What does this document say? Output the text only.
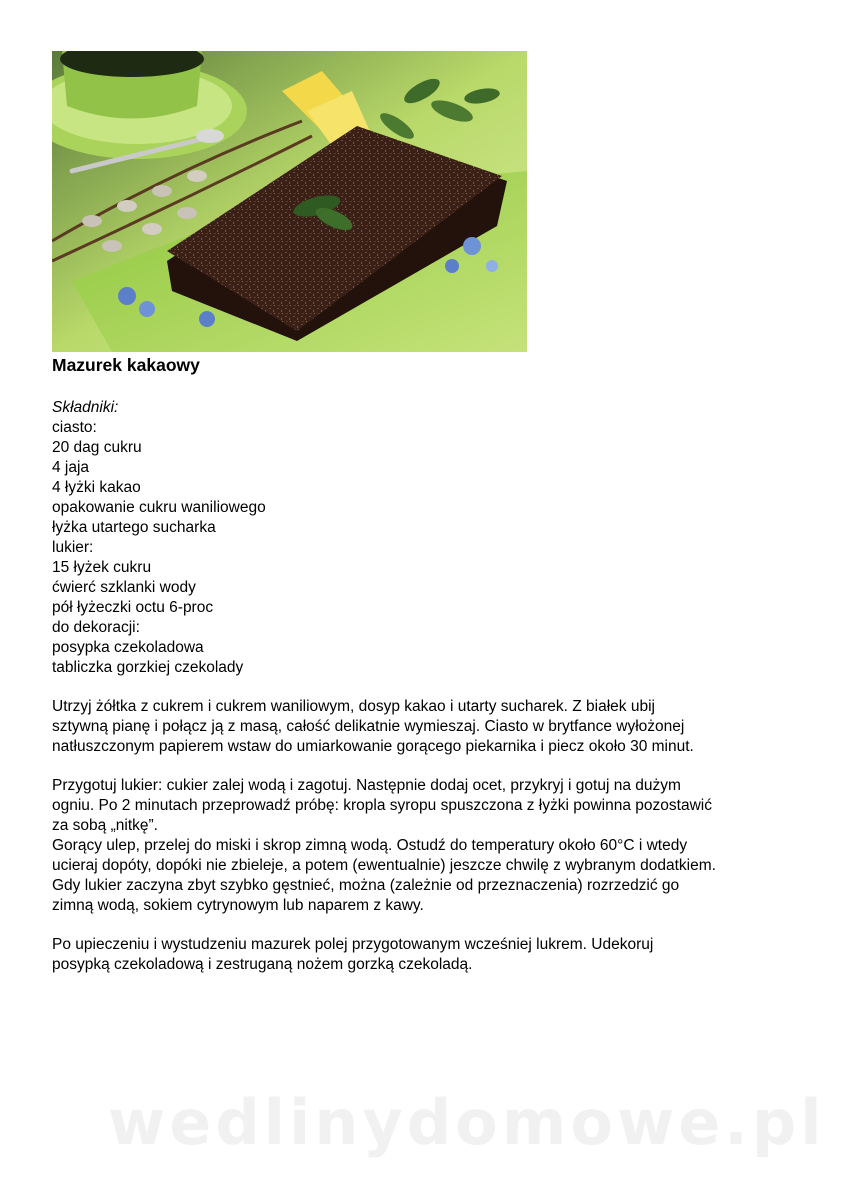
Mazurek kakaowy
Składniki:
ciasto:
20 dag cukru
4 jaja
4 łyżki kakao
opakowanie cukru waniliowego
łyżka utartego sucharka
lukier:
15 łyżek cukru
ćwierć szklanki wody
pół łyżeczki octu 6-proc
do dekoracji:
posypka czekoladowa
tabliczka gorzkiej czekolady
Utrzyj żółtka z cukrem i cukrem waniliowym, dosyp kakao i utarty sucharek. Z białek ubij
sztywną pianę i połącz ją z masą, całość delikatnie wymieszaj. Ciasto w brytfance wyłożonej
natłuszczonym papierem wstaw do umiarkowanie gorącego piekarnika i piecz około 30 minut.
Przygotuj lukier: cukier zalej wodą i zagotuj. Następnie dodaj ocet, przykryj i gotuj na dużym
ogniu. Po 2 minutach przeprowadź próbę: kropla syropu spuszczona z łyżki powinna pozostawić
za sobą „nitkę”.
Gorący ulep, przelej do miski i skrop zimną wodą. Ostudź do temperatury około 60°C i wtedy
ucieraj dopóty, dopóki nie zbieleje, a potem (ewentualnie) jeszcze chwilę z wybranym dodatkiem.
Gdy lukier zaczyna zbyt szybko gęstnieć, można (zależnie od przeznaczenia) rozrzedzić go
zimną wodą, sokiem cytrynowym lub naparem z kawy.
Po upieczeniu i wystudzeniu mazurek polej przygotowanym wcześniej lukrem. Udekoruj
posypką czekoladową i zestruganą nożem gorzką czekoladą.
wedlinydomowe.pl
